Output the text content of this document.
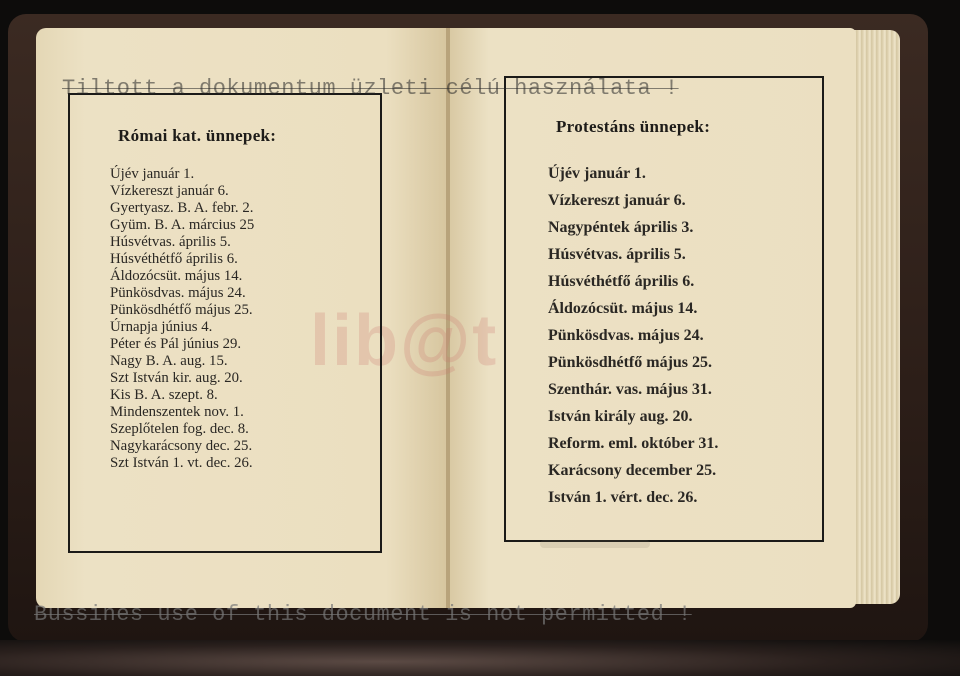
lib@t
Római kat. ünnepek:
Újév január 1.
Vízkereszt január 6.
Gyertyasz. B. A. febr. 2.
Gyüm. B. A. március 25
Húsvétvas. április 5.
Húsvéthétfő április 6.
Áldozócsüt. május 14.
Pünkösdvas. május 24.
Pünkösdhétfő május 25.
Úrnapja június 4.
Péter és Pál június 29.
Nagy B. A. aug. 15.
Szt István kir. aug. 20.
Kis B. A. szept. 8.
Mindenszentek nov. 1.
Szeplőtelen fog. dec. 8.
Nagykarácsony dec. 25.
Szt István 1. vt. dec. 26.
Protestáns ünnepek:
Újév január 1.
Vízkereszt január 6.
Nagypéntek április 3.
Húsvétvas. április 5.
Húsvéthétfő április 6.
Áldozócsüt. május 14.
Pünkösdvas. május 24.
Pünkösdhétfő május 25.
Szenthár. vas. május 31.
István király aug. 20.
Reform. eml. október 31.
Karácsony december 25.
István 1. vért. dec. 26.
Tiltott a dokumentum üzleti célú használata !
Bussines use of this document is not permitted !
